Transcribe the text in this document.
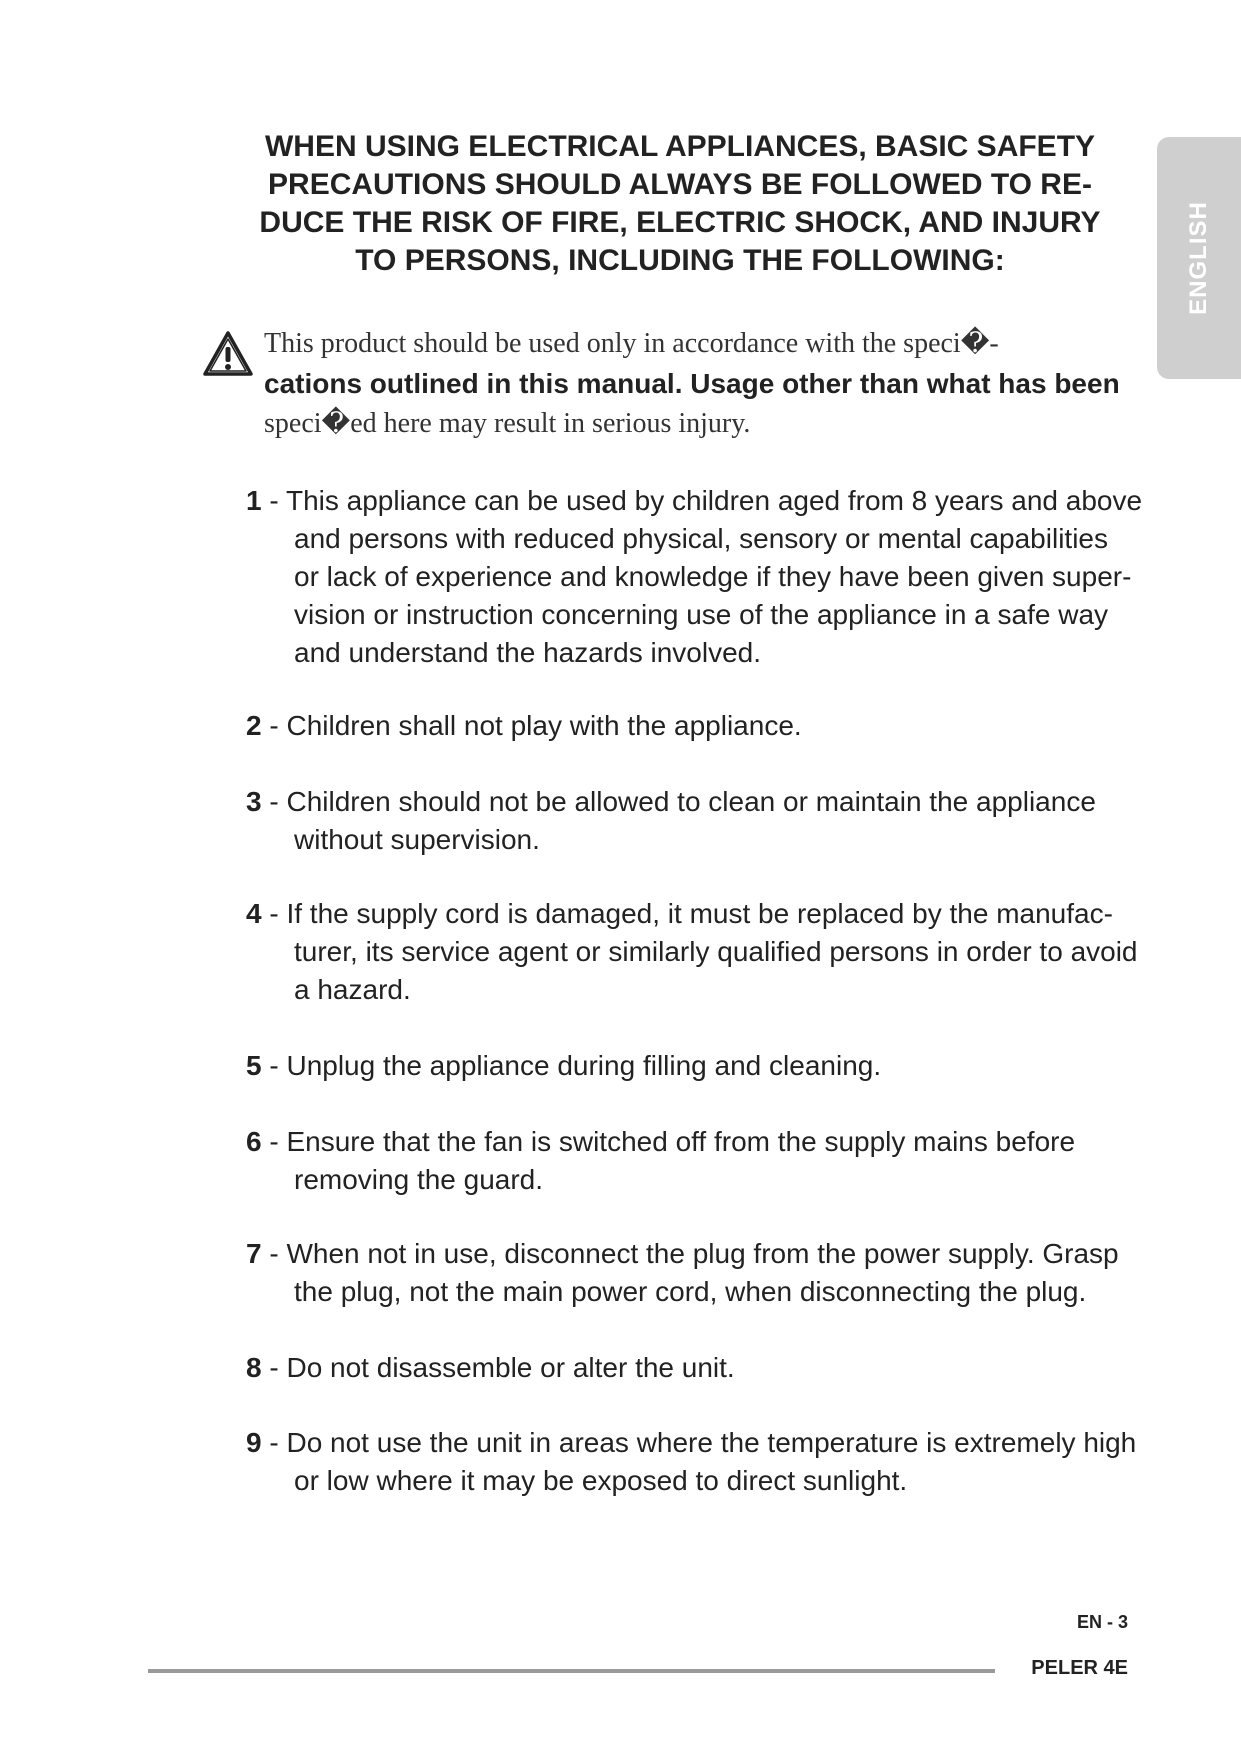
WHEN USING ELECTRICAL APPLIANCES, BASIC SAFETY
PRECAUTIONS SHOULD ALWAYS BE FOLLOWED TO RE-
DUCE THE RISK OF FIRE, ELECTRIC SHOCK, AND INJURY
TO PERSONS, INCLUDING THE FOLLOWING:	ENGLISH
This product should be used only in accordance with the speci�-
cations outlined in this manual. Usage other than what has been
speci�ed here may result in serious injury.
1 - This appliance can be used by children aged from 8 years and above
and persons with reduced physical, sensory or mental capabilities
or lack of experience and knowledge if they have been given super-
vision or instruction concerning use of the appliance in a safe way
and understand the hazards involved.
2 - Children shall not play with the appliance.
3 - Children should not be allowed to clean or maintain the appliance
without supervision.
4 - If the supply cord is damaged, it must be replaced by the manufac-
turer, its service agent or similarly qualified persons in order to avoid
a hazard.
5 - Unplug the appliance during filling and cleaning.
6 - Ensure that the fan is switched off from the supply mains before
removing the guard.
7 - When not in use, disconnect the plug from the power supply. Grasp
the plug, not the main power cord, when disconnecting the plug.
8 - Do not disassemble or alter the unit.
9 - Do not use the unit in areas where the temperature is extremely high
or low where it may be exposed to direct sunlight.
EN - 3
PELER 4E
